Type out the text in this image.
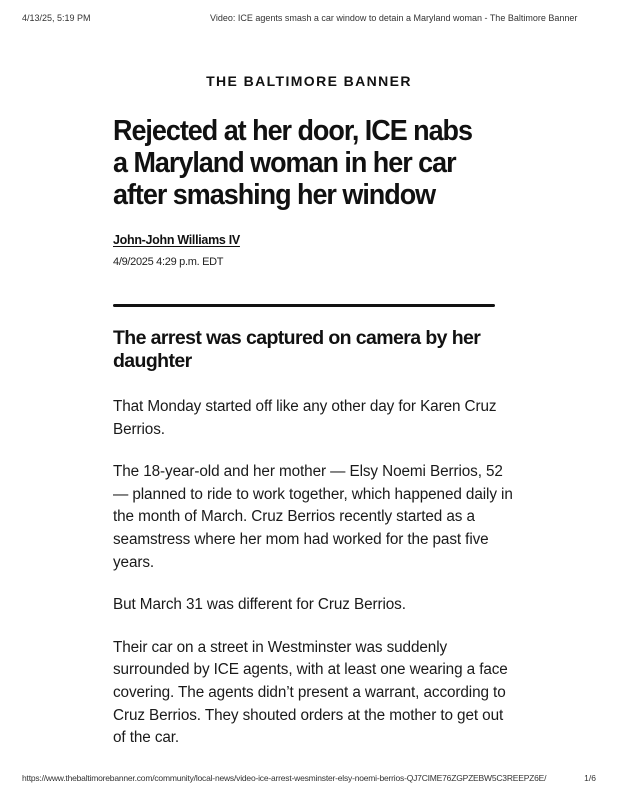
4/13/25, 5:19 PM	Video: ICE agents smash a car window to detain a Maryland woman - The Baltimore Banner
THE BALTIMORE BANNER
Rejected at her door, ICE nabs a Maryland woman in her car after smashing her window
John-John Williams IV
4/9/2025 4:29 p.m. EDT
The arrest was captured on camera by her daughter

That Monday started off like any other day for Karen Cruz Berrios.

The 18-year-old and her mother — Elsy Noemi Berrios, 52 — planned to ride to work together, which happened daily in the month of March. Cruz Berrios recently started as a seamstress where her mom had worked for the past five years.

But March 31 was different for Cruz Berrios.

Their car on a street in Westminster was suddenly surrounded by ICE agents, with at least one wearing a face covering. The agents didn’t present a warrant, according to Cruz Berrios. They shouted orders at the mother to get out of the car.

https://www.thebaltimorebanner.com/community/local-news/video-ice-arrest-wesminster-elsy-noemi-berrios-QJ7CIME76ZGPZEBW5C3REEPZ6E/	1/6
